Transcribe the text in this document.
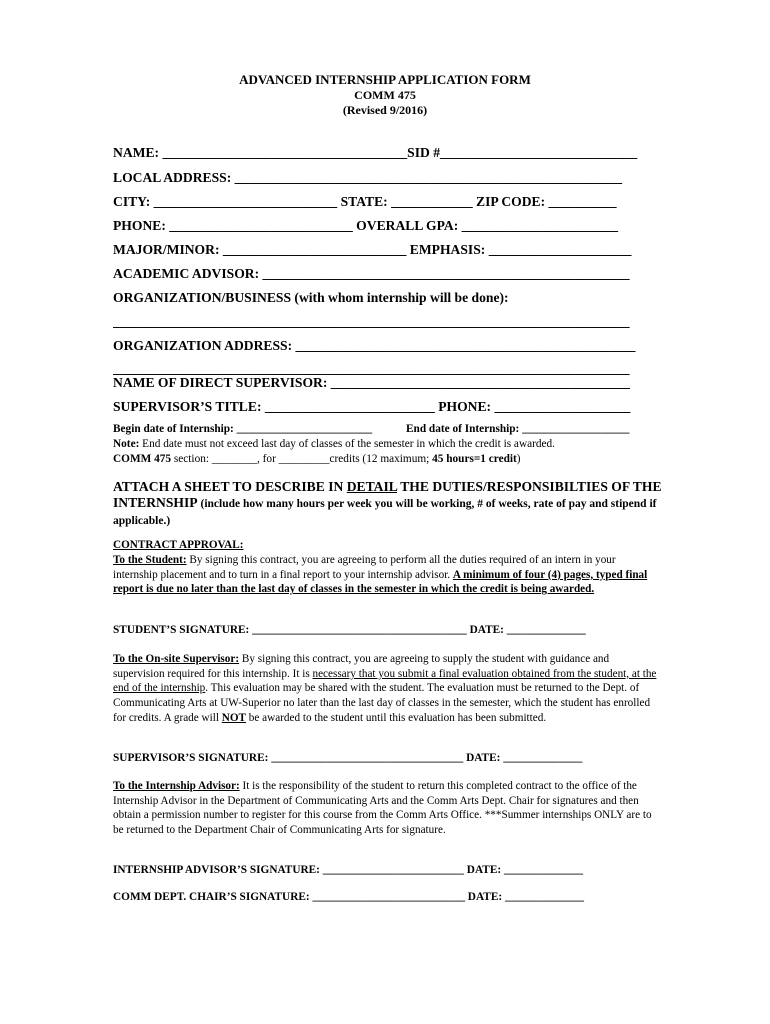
ADVANCED INTERNSHIP APPLICATION FORM
COMM 475
(Revised 9/2016)
NAME: ____________________________________SID #_____________________________
LOCAL ADDRESS: _________________________________________________________
CITY: ___________________________ STATE: ____________ ZIP CODE: __________
PHONE: ___________________________ OVERALL GPA: _______________________
MAJOR/MINOR: ___________________________ EMPHASIS: _____________________
ACADEMIC ADVISOR: ______________________________________________________
ORGANIZATION/BUSINESS (with whom internship will be done):
____________________________________________________________________________
ORGANIZATION ADDRESS: __________________________________________________
____________________________________________________________________________
NAME OF DIRECT SUPERVISOR: ____________________________________________
SUPERVISOR’S TITLE: _________________________ PHONE: ____________________
Begin date of Internship: ________________________	End date of Internship: ___________________
Note: End date must not exceed last day of classes of the semester in which the credit is awarded.
COMM 475 section: ________, for _________credits (12 maximum; 45 hours=1 credit)
ATTACH A SHEET TO DESCRIBE IN DETAIL THE DUTIES/RESPONSIBILTIES OF THE
INTERNSHIP (include how many hours per week you will be working, # of weeks, rate of pay and stipend if applicable.)
CONTRACT APPROVAL:
To the Student: By signing this contract, you are agreeing to perform all the duties required of an intern in your internship placement and to turn in a final report to your internship advisor. A minimum of four (4) pages, typed final report is due no later than the last day of classes in the semester in which the credit is being awarded.
STUDENT’S SIGNATURE: ______________________________________ DATE: ______________
To the On-site Supervisor: By signing this contract, you are agreeing to supply the student with guidance and supervision required for this internship. It is necessary that you submit a final evaluation obtained from the student, at the end of the internship. This evaluation may be shared with the student. The evaluation must be returned to the Dept. of Communicating Arts at UW-Superior no later than the last day of classes in the semester, which the student has enrolled for credits. A grade will NOT be awarded to the student until this evaluation has been submitted.
SUPERVISOR’S SIGNATURE: __________________________________ DATE: ______________
To the Internship Advisor: It is the responsibility of the student to return this completed contract to the office of the Internship Advisor in the Department of Communicating Arts and the Comm Arts Dept. Chair for signatures and then obtain a permission number to register for this course from the Comm Arts Office. ***Summer internships ONLY are to be returned to the Department Chair of Communicating Arts for signature.
INTERNSHIP ADVISOR’S SIGNATURE: _________________________ DATE: ______________
COMM DEPT. CHAIR’S SIGNATURE: ___________________________ DATE: ______________
